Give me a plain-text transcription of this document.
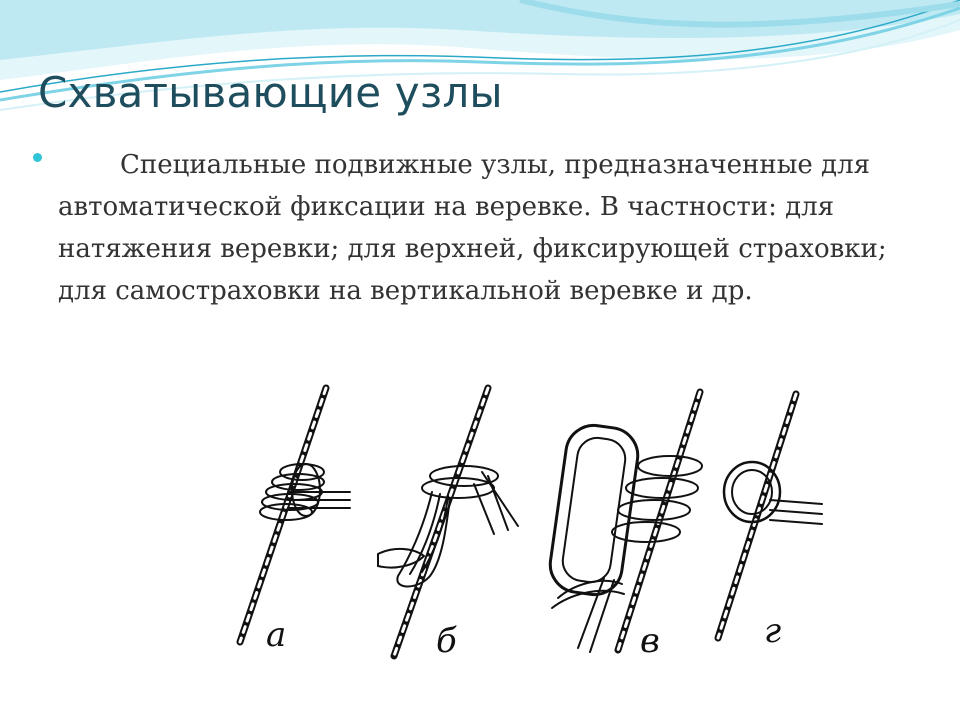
Схватывающие узлы

Специальные подвижные узлы, предназначенные для автоматической фиксации на веревке. В частности: для натяжения веревки; для верхней, фиксирующей страховки; для самостраховки на вертикальной веревке и др.

а	б	в	г
